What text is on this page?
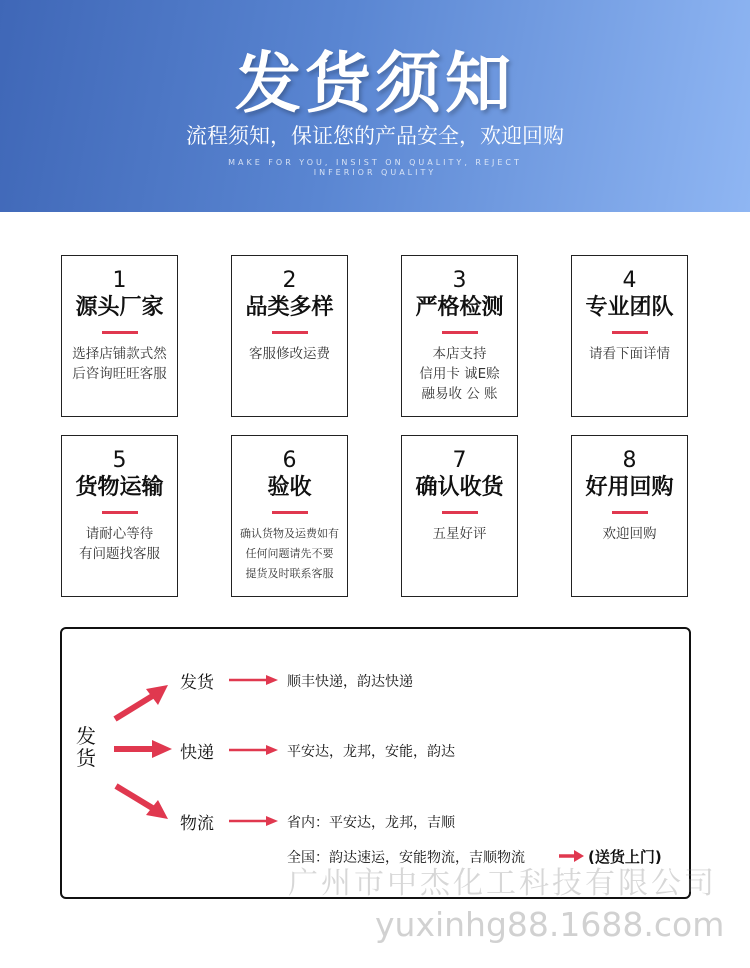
发货须知
流程须知，保证您的产品安全，欢迎回购
MAKE FOR YOU, INSIST ON QUALITY, REJECT
INFERIOR QUALITY
1
源头厂家
选择店铺款式然
后咨询旺旺客服
2
品类多样
客服修改运费
3
严格检测
本店支持
信用卡 诚E赊
融易收 公 账
4
专业团队
请看下面详情
5
货物运输
请耐心等待
有问题找客服
6
验收
确认货物及运费如有
任何问题请先不要
提货及时联系客服
7
确认收货
五星好评
8
好用回购
欢迎回购
发
货
发货	顺丰快递，韵达快递
快递	平安达，龙邦，安能，韵达
物流	省内：平安达，龙邦，吉顺
全国：韵达速运，安能物流，吉顺物流	(送货上门)
广州市中杰化工科技有限公司
yuxinhg88.1688.com
